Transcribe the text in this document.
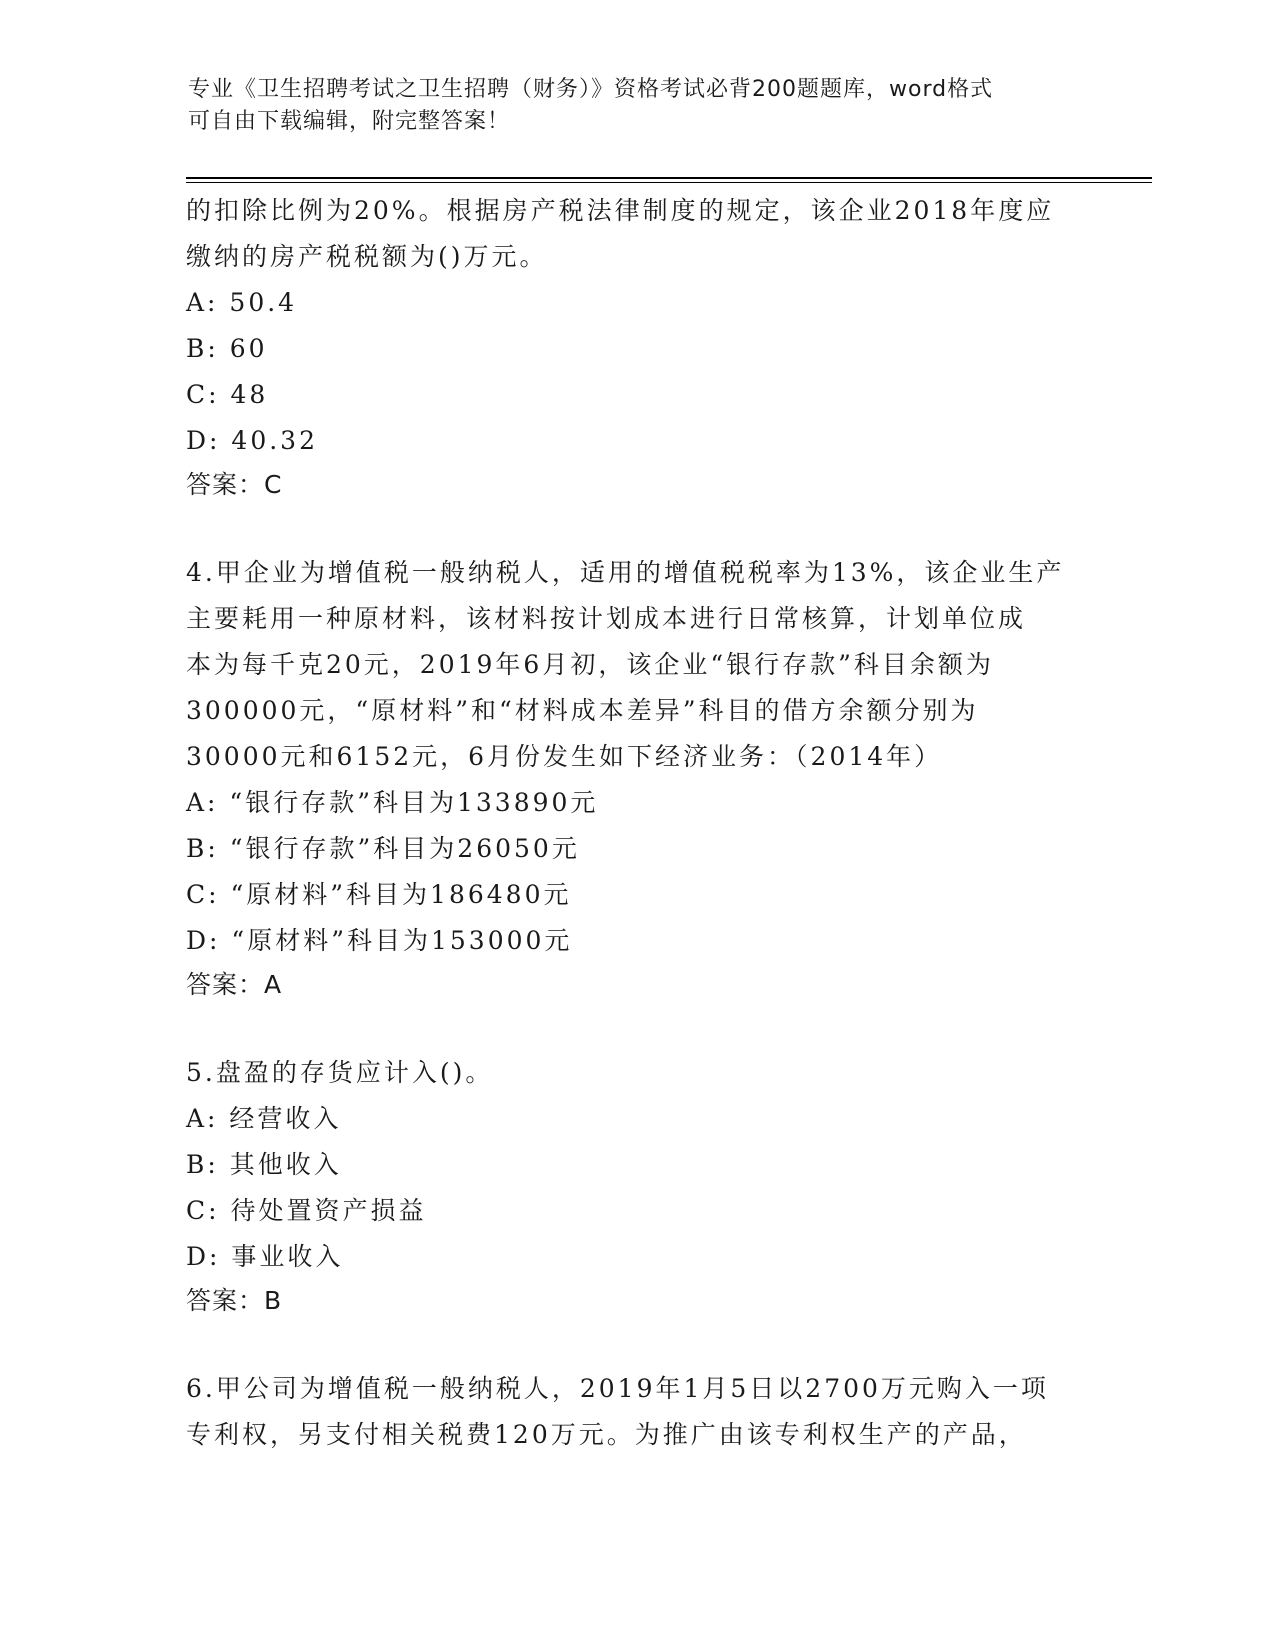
专业《卫生招聘考试之卫生招聘（财务）》资格考试必背200题题库，word格式
可自由下载编辑，附完整答案！

的扣除比例为20%。根据房产税法律制度的规定，该企业2018年度应

缴纳的房产税税额为()万元。

A: 50.4

B: 60

C: 48

D: 40.32

答案：C

4.甲企业为增值税一般纳税人，适用的增值税税率为13%，该企业生产

主要耗用一种原材料，该材料按计划成本进行日常核算，计划单位成

本为每千克20元，2019年6月初，该企业“银行存款”科目余额为

300000元，“原材料”和“材料成本差异”科目的借方余额分别为

30000元和6152元，6月份发生如下经济业务：（2014年）

A: “银行存款”科目为133890元

B: “银行存款”科目为26050元

C: “原材料”科目为186480元

D: “原材料”科目为153000元

答案：A

5.盘盈的存货应计入()。

A: 经营收入

B: 其他收入

C: 待处置资产损益

D: 事业收入

答案：B

6.甲公司为增值税一般纳税人，2019年1月5日以2700万元购入一项

专利权，另支付相关税费120万元。为推广由该专利权生产的产品，
